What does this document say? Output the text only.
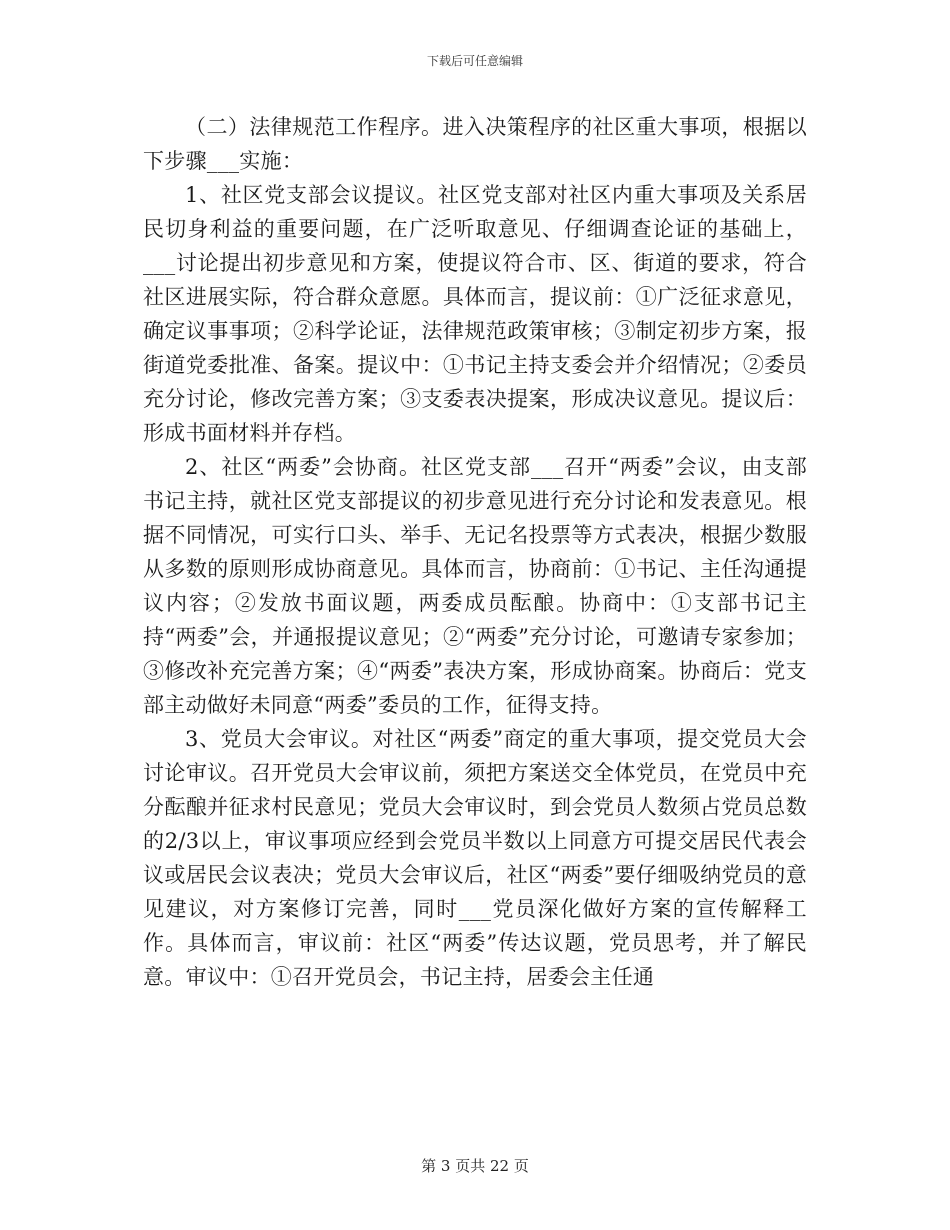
下载后可任意编辑

（二）法律规范工作程序。进入决策程序的社区重大事项，根据以下步骤___实施：

1、社区党支部会议提议。社区党支部对社区内重大事项及关系居民切身利益的重要问题，在广泛听取意见、仔细调查论证的基础上，___讨论提出初步意见和方案，使提议符合市、区、街道的要求，符合社区进展实际，符合群众意愿。具体而言，提议前：①广泛征求意见，确定议事事项；②科学论证，法律规范政策审核；③制定初步方案，报街道党委批准、备案。提议中：①书记主持支委会并介绍情况；②委员充分讨论，修改完善方案；③支委表决提案，形成决议意见。提议后：形成书面材料并存档。

2、社区“两委”会协商。社区党支部___召开“两委”会议，由支部书记主持，就社区党支部提议的初步意见进行充分讨论和发表意见。根据不同情况，可实行口头、举手、无记名投票等方式表决，根据少数服从多数的原则形成协商意见。具体而言，协商前：①书记、主任沟通提议内容；②发放书面议题，两委成员酝酿。协商中：①支部书记主持“两委”会，并通报提议意见；②“两委”充分讨论，可邀请专家参加；③修改补充完善方案；④“两委”表决方案，形成协商案。协商后：党支部主动做好未同意“两委”委员的工作，征得支持。

3、党员大会审议。对社区“两委”商定的重大事项，提交党员大会讨论审议。召开党员大会审议前，须把方案送交全体党员，在党员中充分酝酿并征求村民意见；党员大会审议时，到会党员人数须占党员总数的2/3以上，审议事项应经到会党员半数以上同意方可提交居民代表会议或居民会议表决；党员大会审议后，社区“两委”要仔细吸纳党员的意见建议，对方案修订完善，同时___党员深化做好方案的宣传解释工作。具体而言，审议前：社区“两委”传达议题，党员思考，并了解民意。审议中：①召开党员会，书记主持，居委会主任通

第 3 页共 22 页
